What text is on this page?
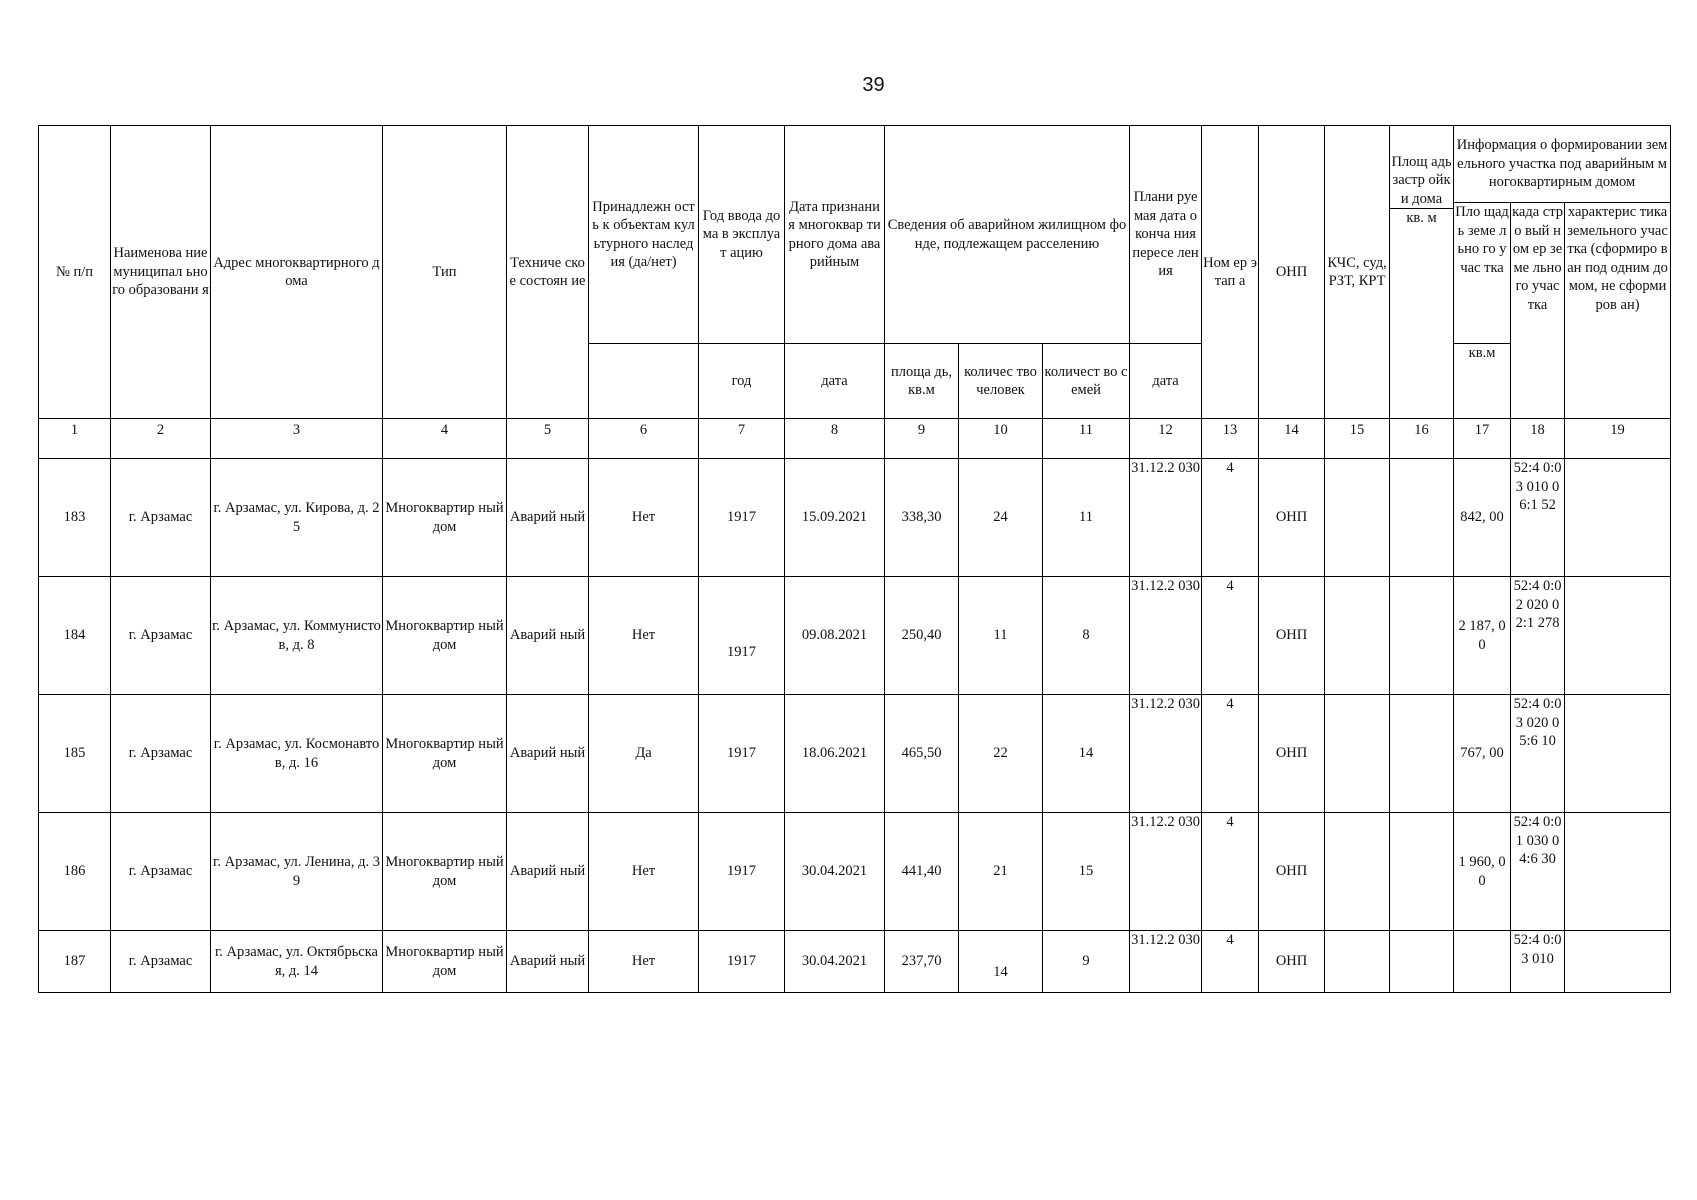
39
№ п/п	Наименова ние муниципал ьного образовани я	Адрес многоквартирного дома	Тип	Техниче ское состоян ие	Принадлежн ость к объектам культурного наследия (да/нет)	Год ввода дома в эксплуат ацию	Дата признания многоквар тирного дома аварийным	Сведения об аварийном жилищном фонде, подлежащем расселению			Плани руемая дата оконча ния пересе ления	Ном ер этап а	ОНП	КЧС, суд, РЗТ, КРТ	Площ адь застр ойки дома	Информация о формировании земельного участка под аварийным многоквартирным домом		
																Пло щадь земе льно го учас тка	када стро вый ном ер земе льно го учас тка	характерис тика земельного участка (сформиро ван под одним домом, не сформиров ан)
															кв. м			
						год	дата	площа дь, кв.м	количес тво человек	количест во семей	дата					кв.м		
1	2	3	4	5	6	7	8	9	10	11	12	13	14	15	16	17	18	19
183	г. Арзамас	г. Арзамас, ул. Кирова, д. 25	Многоквартир ный дом	Аварий ный	Нет	1917	15.09.2021	338,30	24	11	31.12.2 030	4	ОНП			842, 00	52:4 0:03 010 06:1 52	
184	г. Арзамас	г. Арзамас, ул. Коммунистов, д. 8	Многоквартир ный дом	Аварий ный	Нет	1917	09.08.2021	250,40	11	8	31.12.2 030	4	ОНП			2 187, 00	52:4 0:02 020 02:1 278	
185	г. Арзамас	г. Арзамас, ул. Космонавтов, д. 16	Многоквартир ный дом	Аварий ный	Да	1917	18.06.2021	465,50	22	14	31.12.2 030	4	ОНП			767, 00	52:4 0:03 020 05:6 10	
186	г. Арзамас	г. Арзамас, ул. Ленина, д. 39	Многоквартир ный дом	Аварий ный	Нет	1917	30.04.2021	441,40	21	15	31.12.2 030	4	ОНП			1 960, 00	52:4 0:01 030 04:6 30	
187	г. Арзамас	г. Арзамас, ул. Октябрьская, д. 14	Многоквартир ный дом	Аварий ный	Нет	1917	30.04.2021	237,70	14	9	31.12.2 030	4	ОНП				52:4 0:03 010	
